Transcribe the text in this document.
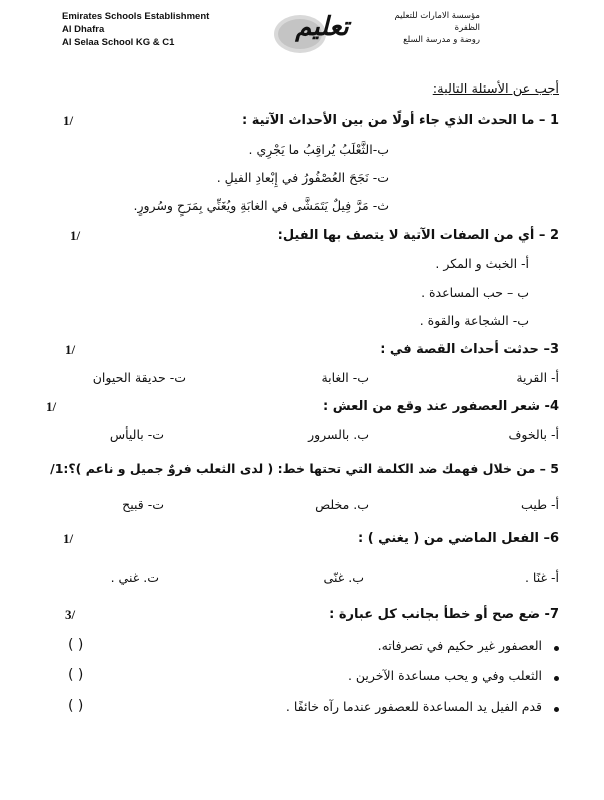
Emirates Schools Establishment
Al Dhafra
Al Selaa School KG & C1
تعليم	مؤسسة الامارات للتعليم
الظفرة
روضة و مدرسة السلع
أجب عن الأسئلة التالية:
1 – ما الحدث الذي جاء أولًا من بين الأحداث الآتية :
1/
ب-الثَّعْلَبُ يُراقِبُ ما يَجْرِي .
ت- نَجَحَ العُصْفُورُ في إِبْعادِ الفيلِ .
ث- مَرَّ فِيلٌ يَتَمَشَّى في الغابَةِ ويُغَنِّي بِمَرَحٍ وسُرورٍ.
2 – أي من الصفات الآتية لا يتصف بها الفيل:
1/
أ- الخبث و المكر .
ب – حب المساعدة .
ب- الشجاعة والقوة .
3– حدثت أحداث القصة في :
1/
أ- القرية
ب- الغابة
ت- حديقة الحيوان
4- شعر العصفور عند وقع من العش :
1/
أ- بالخوف
ب. بالسرور
ت- باليأس
5 – من خلال فهمك ضد الكلمة التي تحتها خط: ( لدى الثعلب فروٌ جميل و ناعم )؟:1/
أ- طيب
ب. مخلص
ت- قبيح
6– الفعل الماضي من ( يغني ) :
1/
أ- غنًا .
ب. غنّى
ت. غني .
7- ضع صح أو خطأ بجانب كل عبارة :
3/
العصفور غير حكيم في تصرفاته.
( )
الثعلب وفي و يحب مساعدة الآخرين .
( )
قدم الفيل يد المساعدة للعصفور عندما رآه خائفًا .
( )
